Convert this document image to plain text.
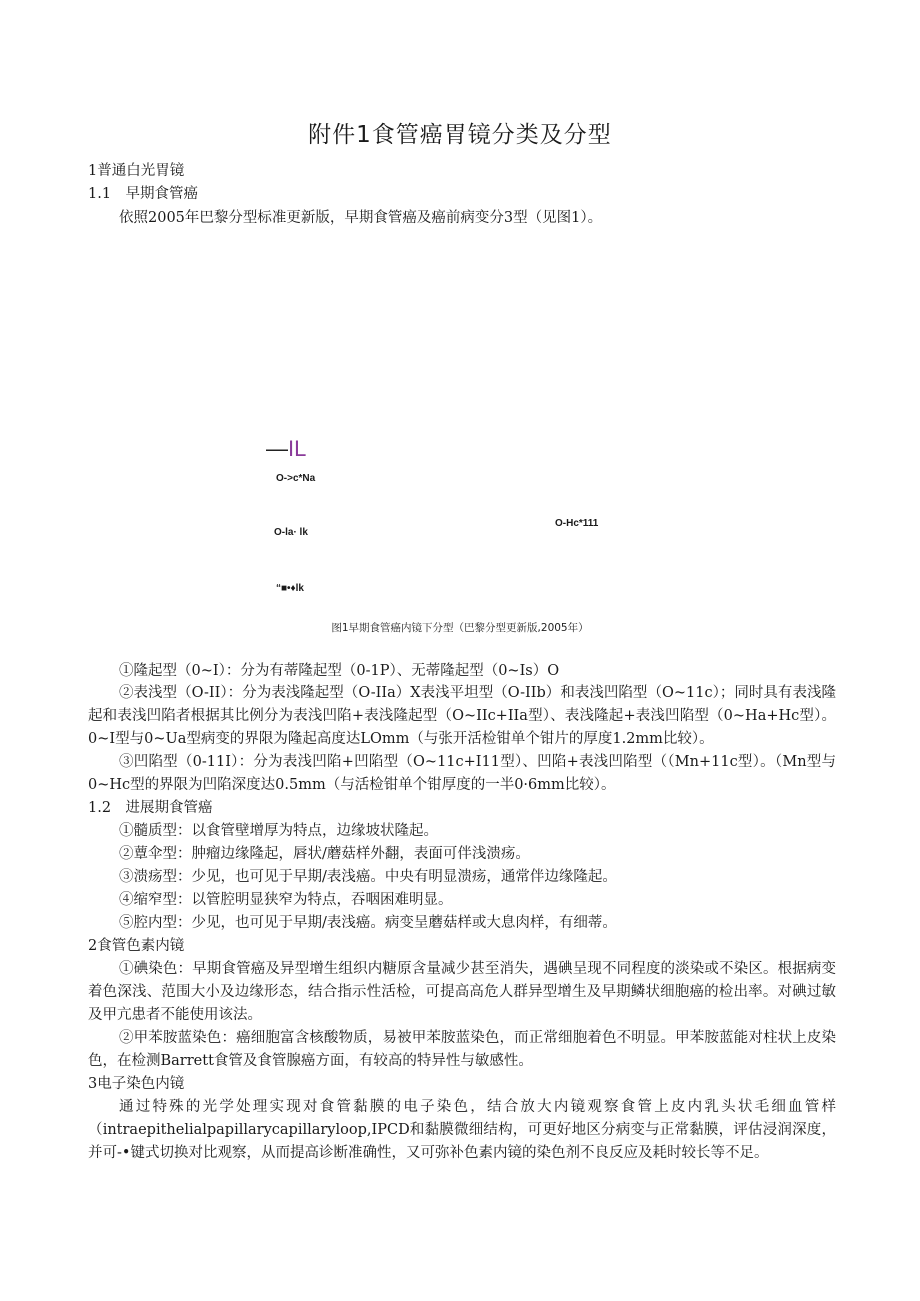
附件1食管癌胃镜分类及分型
1普通白光胃镜
1.1　早期食管癌
依照2005年巴黎分型标准更新版，早期食管癌及癌前病变分3型（见图1）。
—IL
O->c*Na
O-la· lk
O-Hc*111
“■•♦lk
图1早期食管癌内镜下分型（巴黎分型更新版,2005年）
①隆起型（0~I）：分为有蒂隆起型（0-1P）、无蒂隆起型（0~Is）O
②表浅型（O-II）：分为表浅隆起型（O-IIa）X表浅平坦型（O-IIb）和表浅凹陷型（O~11c）；同时具有表浅隆起和表浅凹陷者根据其比例分为表浅凹陷+表浅隆起型（O~IIc+IIa型）、表浅隆起+表浅凹陷型（0~Ha+Hc型）。0~I型与0~Ua型病变的界限为隆起高度达LOmm（与张开活检钳单个钳片的厚度1.2mm比较）。
③凹陷型（0-11I）：分为表浅凹陷+凹陷型（O~11c+I11型）、凹陷+表浅凹陷型（（Mn+11c型）。（Mn型与0~Hc型的界限为凹陷深度达0.5mm（与活检钳单个钳厚度的一半0·6mm比较）。
1.2　进展期食管癌
①髓质型：以食管壁增厚为特点，边缘坡状隆起。
②蕈伞型：肿瘤边缘隆起，唇状/蘑菇样外翻，表面可伴浅溃疡。
③溃疡型：少见，也可见于早期/表浅癌。中央有明显溃疡，通常伴边缘隆起。
④缩窄型：以管腔明显狭窄为特点，吞咽困难明显。
⑤腔内型：少见，也可见于早期/表浅癌。病变呈蘑菇样或大息肉样，有细蒂。
2食管色素内镜
①碘染色：早期食管癌及异型增生组织内糖原含量减少甚至消失，遇碘呈现不同程度的淡染或不染区。根据病变着色深浅、范围大小及边缘形态，结合指示性活检，可提高高危人群异型增生及早期鳞状细胞癌的检出率。对碘过敏及甲亢患者不能使用该法。
②甲苯胺蓝染色：癌细胞富含核酸物质，易被甲苯胺蓝染色，而正常细胞着色不明显。甲苯胺蓝能对柱状上皮染色，在检测Barrett食管及食管腺癌方面，有较高的特异性与敏感性。
3电子染色内镜
通过特殊的光学处理实现对食管黏膜的电子染色，结合放大内镜观察食管上皮内乳头状毛细血管样（intraepithelialpapillarycapillaryloop,IPCD和黏膜微细结构，可更好地区分病变与正常黏膜，评估浸润深度，并可-•键式切换对比观察，从而提高诊断准确性，又可弥补色素内镜的染色剂不良反应及耗时较长等不足。
